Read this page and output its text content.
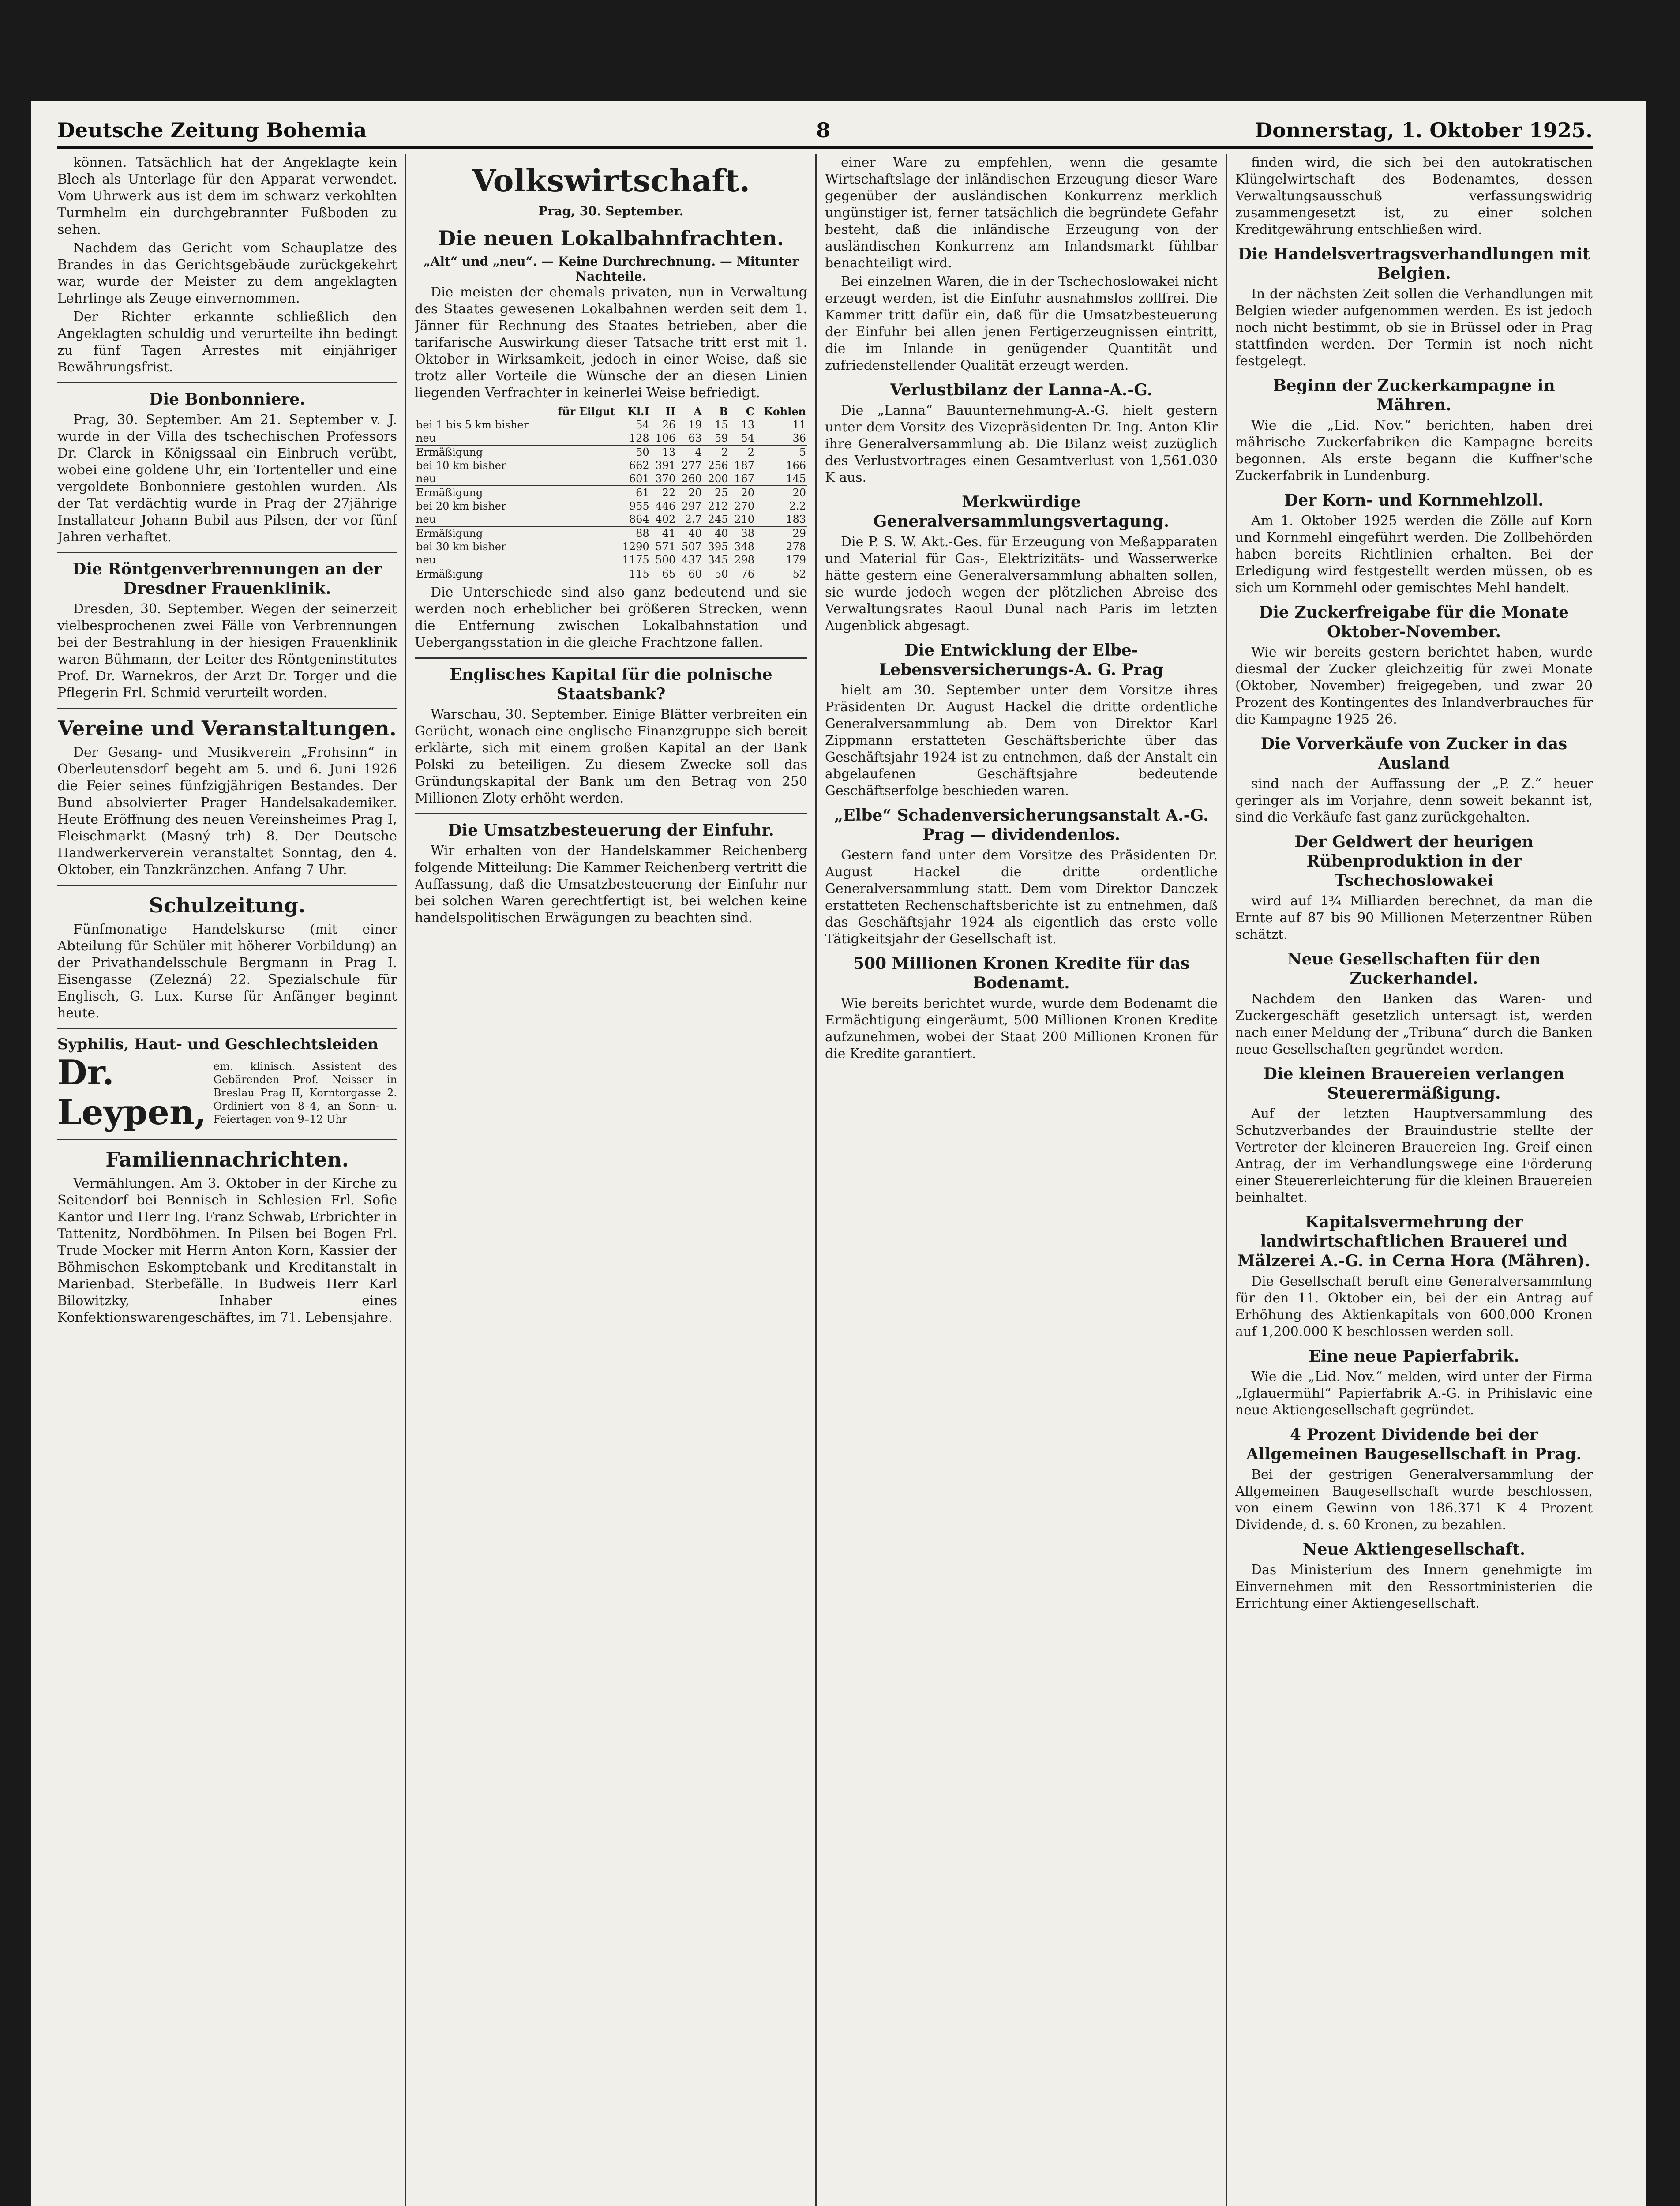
Deutsche Zeitung Bohemia	8	Donnerstag, 1. Oktober 1925.

können. Tatsächlich hat der Angeklagte kein Blech als Unterlage für den Apparat verwendet. Vom Uhrwerk aus ist dem im schwarz verkohlten Turmhelm ein durchgebrannter Fußboden zu sehen.

Nachdem das Gericht vom Schauplatze des Brandes in das Gerichtsgebäude zurückgekehrt war, wurde der Meister zu dem angeklagten Lehrlinge als Zeuge einvernommen.

Der Richter erkannte schließlich den Angeklagten schuldig und verurteilte ihn bedingt zu fünf Tagen Arrestes mit einjähriger Bewährungsfrist.

Die Bonbonniere.

Prag, 30. September. Am 21. September v. J. wurde in der Villa des tschechischen Professors Dr. Clarck in Königssaal ein Einbruch verübt, wobei eine goldene Uhr, ein Tortenteller und eine vergoldete Bonbonniere gestohlen wurden. Als der Tat verdächtig wurde in Prag der 27jährige Installateur Johann Bubil aus Pilsen, der vor fünf Jahren verhaftet.

Die Röntgenverbrennungen an der Dresdner Frauenklinik.

Dresden, 30. September. Wegen der seinerzeit vielbesprochenen zwei Fälle von Verbrennungen bei der Bestrahlung in der hiesigen Frauenklinik waren Bühmann, der Leiter des Röntgeninstitutes Prof. Dr. Warnekros, der Arzt Dr. Torger und die Pflegerin Frl. Schmid verurteilt worden.

Vereine und Veranstaltungen.

Der Gesang- und Musikverein „Frohsinn“ in Oberleutensdorf begeht am 5. und 6. Juni 1926 die Feier seines fünfzigjährigen Bestandes. Der Bund absolvierter Prager Handelsakademiker. Heute Eröffnung des neuen Vereinsheimes Prag I, Fleischmarkt (Masný trh) 8. Der Deutsche Handwerkerverein veranstaltet Sonntag, den 4. Oktober, ein Tanzkränzchen. Anfang 7 Uhr.

Schulzeitung.

Fünfmonatige Handelskurse (mit einer Abteilung für Schüler mit höherer Vorbildung) an der Privathandelsschule Bergmann in Prag I. Eisengasse (Zelezná) 22. Spezialschule für Englisch, G. Lux. Kurse für Anfänger beginnt heute.

Syphilis, Haut- und Geschlechtsleiden
Dr. Leypen,
em. klinisch. Assistent des Gebärenden Prof. Neisser in Breslau Prag II, Korntorgasse 2. Ordiniert von 8–4, an Sonn- u. Feiertagen von 9–12 Uhr
Familiennachrichten.

Vermählungen. Am 3. Oktober in der Kirche zu Seitendorf bei Bennisch in Schlesien Frl. Sofie Kantor und Herr Ing. Franz Schwab, Erbrichter in Tattenitz, Nordböhmen. In Pilsen bei Bogen Frl. Trude Mocker mit Herrn Anton Korn, Kassier der Böhmischen Eskomptebank und Kreditanstalt in Marienbad. Sterbefälle. In Budweis Herr Karl Bilowitzky, Inhaber eines Konfektionswarengeschäftes, im 71. Lebensjahre.

Volkswirtschaft.
Prag, 30. September.
Die neuen Lokalbahnfrachten.
„Alt“ und „neu“. — Keine Durchrechnung. — Mitunter Nachteile.

Die meisten der ehemals privaten, nun in Verwaltung des Staates gewesenen Lokalbahnen werden seit dem 1. Jänner für Rechnung des Staates betrieben, aber die tarifarische Auswirkung dieser Tatsache tritt erst mit 1. Oktober in Wirksamkeit, jedoch in einer Weise, daß sie trotz aller Vorteile die Wünsche der an diesen Linien liegenden Verfrachter in keinerlei Weise befriedigt.

	für Eilgut	Kl.I	II	A	B	C	Kohlen
bei 1 bis 5 km bisher		54	26	19	15	13	11
neu		128	106	63	59	54	36
Ermäßigung		50	13	4	2	2	5
bei 10 km bisher		662	391	277	256	187	166
neu		601	370	260	200	167	145
Ermäßigung		61	22	20	25	20	20
bei 20 km bisher		955	446	297	212	270	2.2
neu		864	402	2.7	245	210	183
Ermäßigung		88	41	40	40	38	29
bei 30 km bisher		1290	571	507	395	348	278
neu		1175	500	437	345	298	179
Ermäßigung		115	65	60	50	76	52

Die Unterschiede sind also ganz bedeutend und sie werden noch erheblicher bei größeren Strecken, wenn die Entfernung zwischen Lokalbahnstation und Uebergangsstation in die gleiche Frachtzone fallen.

Englisches Kapital für die polnische Staatsbank?

Warschau, 30. September. Einige Blätter verbreiten ein Gerücht, wonach eine englische Finanzgruppe sich bereit erklärte, sich mit einem großen Kapital an der Bank Polski zu beteiligen. Zu diesem Zwecke soll das Gründungskapital der Bank um den Betrag von 250 Millionen Zloty erhöht werden.

Die Umsatzbesteuerung der Einfuhr.

Wir erhalten von der Handelskammer Reichenberg folgende Mitteilung: Die Kammer Reichenberg vertritt die Auffassung, daß die Umsatzbesteuerung der Einfuhr nur bei solchen Waren gerechtfertigt ist, bei welchen keine handelspolitischen Erwägungen zu beachten sind.

einer Ware zu empfehlen, wenn die gesamte Wirtschaftslage der inländischen Erzeugung dieser Ware gegenüber der ausländischen Konkurrenz merklich ungünstiger ist, ferner tatsächlich die begründete Gefahr besteht, daß die inländische Erzeugung von der ausländischen Konkurrenz am Inlandsmarkt fühlbar benachteiligt wird.

Bei einzelnen Waren, die in der Tschechoslowakei nicht erzeugt werden, ist die Einfuhr ausnahmslos zollfrei. Die Kammer tritt dafür ein, daß für die Umsatzbesteuerung der Einfuhr bei allen jenen Fertigerzeugnissen eintritt, die im Inlande in genügender Quantität und zufriedenstellender Qualität erzeugt werden.

Verlustbilanz der Lanna-A.-G.

Die „Lanna“ Bauunternehmung-A.-G. hielt gestern unter dem Vorsitz des Vizepräsidenten Dr. Ing. Anton Klir ihre Generalversammlung ab. Die Bilanz weist zuzüglich des Verlustvortrages einen Gesamtverlust von 1,561.030 K aus.

Merkwürdige Generalversammlungsvertagung.

Die P. S. W. Akt.-Ges. für Erzeugung von Meßapparaten und Material für Gas-, Elektrizitäts- und Wasserwerke hätte gestern eine Generalversammlung abhalten sollen, sie wurde jedoch wegen der plötzlichen Abreise des Verwaltungsrates Raoul Dunal nach Paris im letzten Augenblick abgesagt.

Die Entwicklung der Elbe-Lebensversicherungs-A. G. Prag

hielt am 30. September unter dem Vorsitze ihres Präsidenten Dr. August Hackel die dritte ordentliche Generalversammlung ab. Dem von Direktor Karl Zippmann erstatteten Geschäftsberichte über das Geschäftsjahr 1924 ist zu entnehmen, daß der Anstalt ein abgelaufenen Geschäftsjahre bedeutende Geschäftserfolge beschieden waren.

„Elbe“ Schadenversicherungsanstalt A.-G. Prag — dividendenlos.

Gestern fand unter dem Vorsitze des Präsidenten Dr. August Hackel die dritte ordentliche Generalversammlung statt. Dem vom Direktor Danczek erstatteten Rechenschaftsberichte ist zu entnehmen, daß das Geschäftsjahr 1924 als eigentlich das erste volle Tätigkeitsjahr der Gesellschaft ist.

500 Millionen Kronen Kredite für das Bodenamt.

Wie bereits berichtet wurde, wurde dem Bodenamt die Ermächtigung eingeräumt, 500 Millionen Kronen Kredite aufzunehmen, wobei der Staat 200 Millionen Kronen für die Kredite garantiert.

finden wird, die sich bei den autokratischen Klüngelwirtschaft des Bodenamtes, dessen Verwaltungsausschuß verfassungswidrig zusammengesetzt ist, zu einer solchen Kreditgewährung entschließen wird.

Die Handelsvertragsverhandlungen mit Belgien.

In der nächsten Zeit sollen die Verhandlungen mit Belgien wieder aufgenommen werden. Es ist jedoch noch nicht bestimmt, ob sie in Brüssel oder in Prag stattfinden werden. Der Termin ist noch nicht festgelegt.

Beginn der Zuckerkampagne in Mähren.

Wie die „Lid. Nov.“ berichten, haben drei mährische Zuckerfabriken die Kampagne bereits begonnen. Als erste begann die Kuffner'sche Zuckerfabrik in Lundenburg.

Der Korn- und Kornmehlzoll.

Am 1. Oktober 1925 werden die Zölle auf Korn und Kornmehl eingeführt werden. Die Zollbehörden haben bereits Richtlinien erhalten. Bei der Erledigung wird festgestellt werden müssen, ob es sich um Kornmehl oder gemischtes Mehl handelt.

Die Zuckerfreigabe für die Monate Oktober-November.

Wie wir bereits gestern berichtet haben, wurde diesmal der Zucker gleichzeitig für zwei Monate (Oktober, November) freigegeben, und zwar 20 Prozent des Kontingentes des Inlandverbrauches für die Kampagne 1925–26.

Die Vorverkäufe von Zucker in das Ausland

sind nach der Auffassung der „P. Z.“ heuer geringer als im Vorjahre, denn soweit bekannt ist, sind die Verkäufe fast ganz zurückgehalten.

Der Geldwert der heurigen Rübenproduktion in der Tschechoslowakei

wird auf 1¾ Milliarden berechnet, da man die Ernte auf 87 bis 90 Millionen Meterzentner Rüben schätzt.

Neue Gesellschaften für den Zuckerhandel.

Nachdem den Banken das Waren- und Zuckergeschäft gesetzlich untersagt ist, werden nach einer Meldung der „Tribuna“ durch die Banken neue Gesellschaften gegründet werden.

Die kleinen Brauereien verlangen Steuerermäßigung.

Auf der letzten Hauptversammlung des Schutzverbandes der Brauindustrie stellte der Vertreter der kleineren Brauereien Ing. Greif einen Antrag, der im Verhandlungswege eine Förderung einer Steuererleichterung für die kleinen Brauereien beinhaltet.

Kapitalsvermehrung der landwirtschaftlichen Brauerei und Mälzerei A.-G. in Cerna Hora (Mähren).

Die Gesellschaft beruft eine Generalversammlung für den 11. Oktober ein, bei der ein Antrag auf Erhöhung des Aktienkapitals von 600.000 Kronen auf 1,200.000 K beschlossen werden soll.

Eine neue Papierfabrik.

Wie die „Lid. Nov.“ melden, wird unter der Firma „Iglauermühl“ Papierfabrik A.-G. in Prihislavic eine neue Aktiengesellschaft gegründet.

4 Prozent Dividende bei der Allgemeinen Baugesellschaft in Prag.

Bei der gestrigen Generalversammlung der Allgemeinen Baugesellschaft wurde beschlossen, von einem Gewinn von 186.371 K 4 Prozent Dividende, d. s. 60 Kronen, zu bezahlen.

Neue Aktiengesellschaft.

Das Ministerium des Innern genehmigte im Einvernehmen mit den Ressortministerien die Errichtung einer Aktiengesellschaft.
